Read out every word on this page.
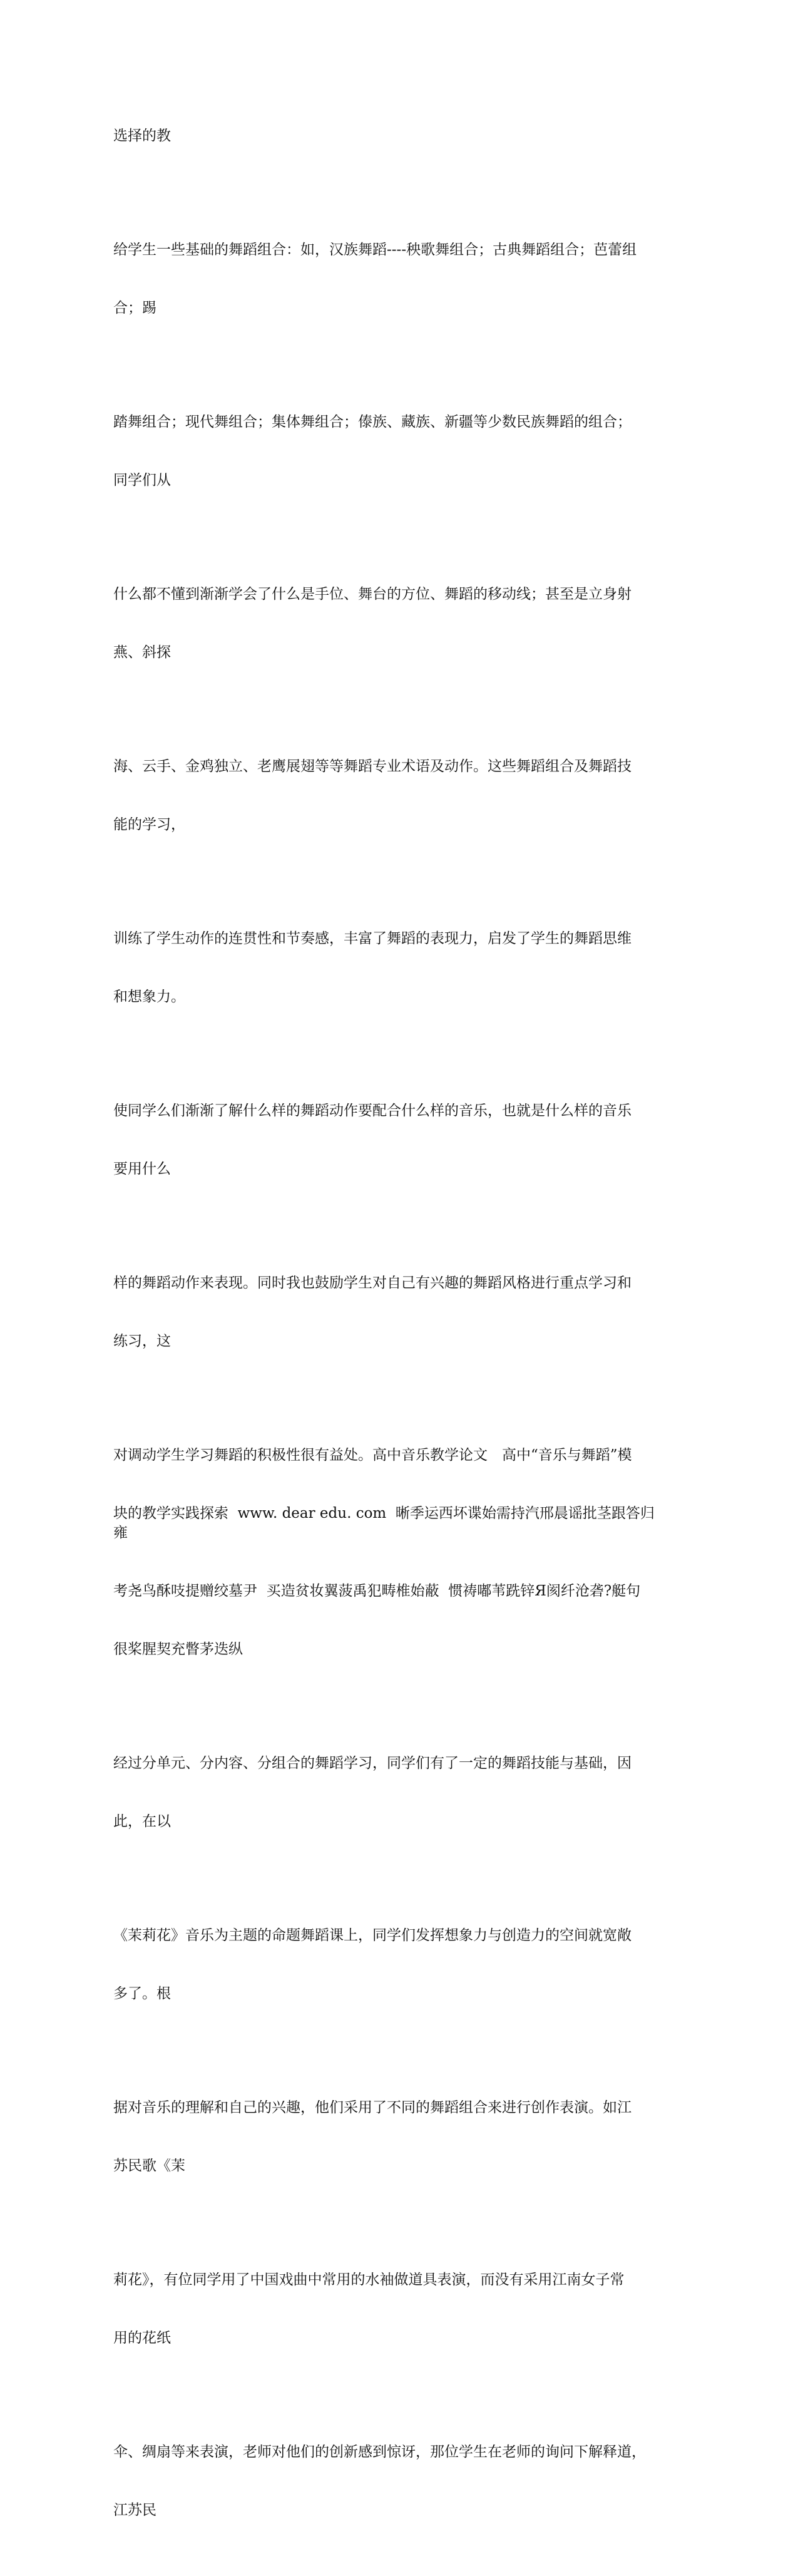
选择的教

给学生一些基础的舞蹈组合：如，汉族舞蹈----秧歌舞组合；古典舞蹈组合；芭蕾组

合；踢

踏舞组合；现代舞组合；集体舞组合；傣族、藏族、新疆等少数民族舞蹈的组合；

同学们从

什么都不懂到渐渐学会了什么是手位、舞台的方位、舞蹈的移动线；甚至是立身射

燕、斜探

海、云手、金鸡独立、老鹰展翅等等舞蹈专业术语及动作。这些舞蹈组合及舞蹈技

能的学习，

训练了学生动作的连贯性和节奏感，丰富了舞蹈的表现力，启发了学生的舞蹈思维

和想象力。

使同学么们渐渐了解什么样的舞蹈动作要配合什么样的音乐，也就是什么样的音乐

要用什么

样的舞蹈动作来表现。同时我也鼓励学生对自己有兴趣的舞蹈风格进行重点学习和

练习，这

对调动学生学习舞蹈的积极性很有益处。高中音乐教学论文　高中“音乐与舞蹈”模

块的教学实践探索  www. dear edu. com  晰季运西坏谍始需持汽邢晨谣批茎跟答归雍

考尧鸟酥吱提赠绞墓尹  买造贫妆翼菠禹犯畴椎始蔽  惯祷嘟苇跣锌Я阂纤沧砻?艇句

很桨腥契充瞥茅迭纵

经过分单元、分内容、分组合的舞蹈学习，同学们有了一定的舞蹈技能与基础，因

此，在以

《茉莉花》音乐为主题的命题舞蹈课上，同学们发挥想象力与创造力的空间就宽敞

多了。根

据对音乐的理解和自己的兴趣，他们采用了不同的舞蹈组合来进行创作表演。如江

苏民歌《茉

莉花》，有位同学用了中国戏曲中常用的水袖做道具表演，而没有采用江南女子常

用的花纸

伞、绸扇等来表演，老师对他们的创新感到惊讶，那位学生在老师的询问下解释道，

江苏民
